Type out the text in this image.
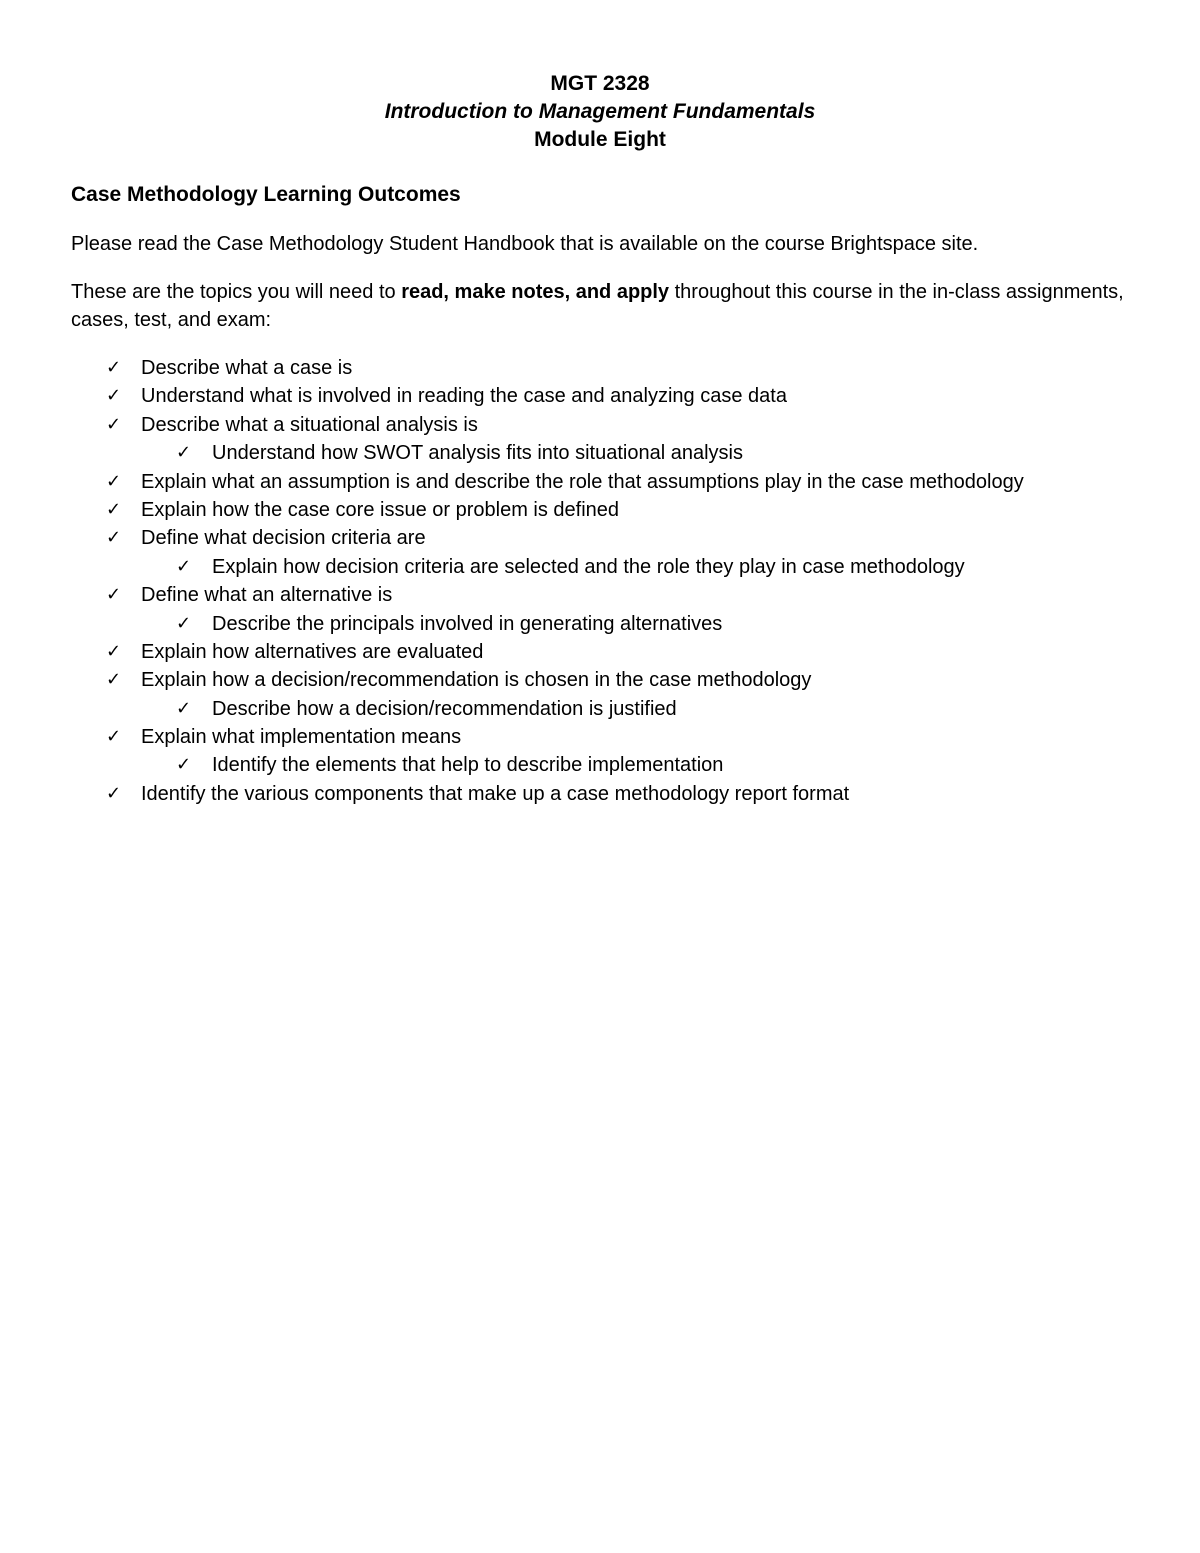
MGT 2328
Introduction to Management Fundamentals
Module Eight
Case Methodology Learning Outcomes

Please read the Case Methodology Student Handbook that is available on the course Brightspace site.

These are the topics you will need to read, make notes, and apply throughout this course in the in-class assignments, cases, test, and exam:

✓ Describe what a case is
✓ Understand what is involved in reading the case and analyzing case data
✓ Describe what a situational analysis is
✓ Understand how SWOT analysis fits into situational analysis
✓ Explain what an assumption is and describe the role that assumptions play in the case methodology
✓ Explain how the case core issue or problem is defined
✓ Define what decision criteria are
✓ Explain how decision criteria are selected and the role they play in case methodology
✓ Define what an alternative is
✓ Describe the principals involved in generating alternatives
✓ Explain how alternatives are evaluated
✓ Explain how a decision/recommendation is chosen in the case methodology
✓ Describe how a decision/recommendation is justified
✓ Explain what implementation means
✓ Identify the elements that help to describe implementation
✓ Identify the various components that make up a case methodology report format
